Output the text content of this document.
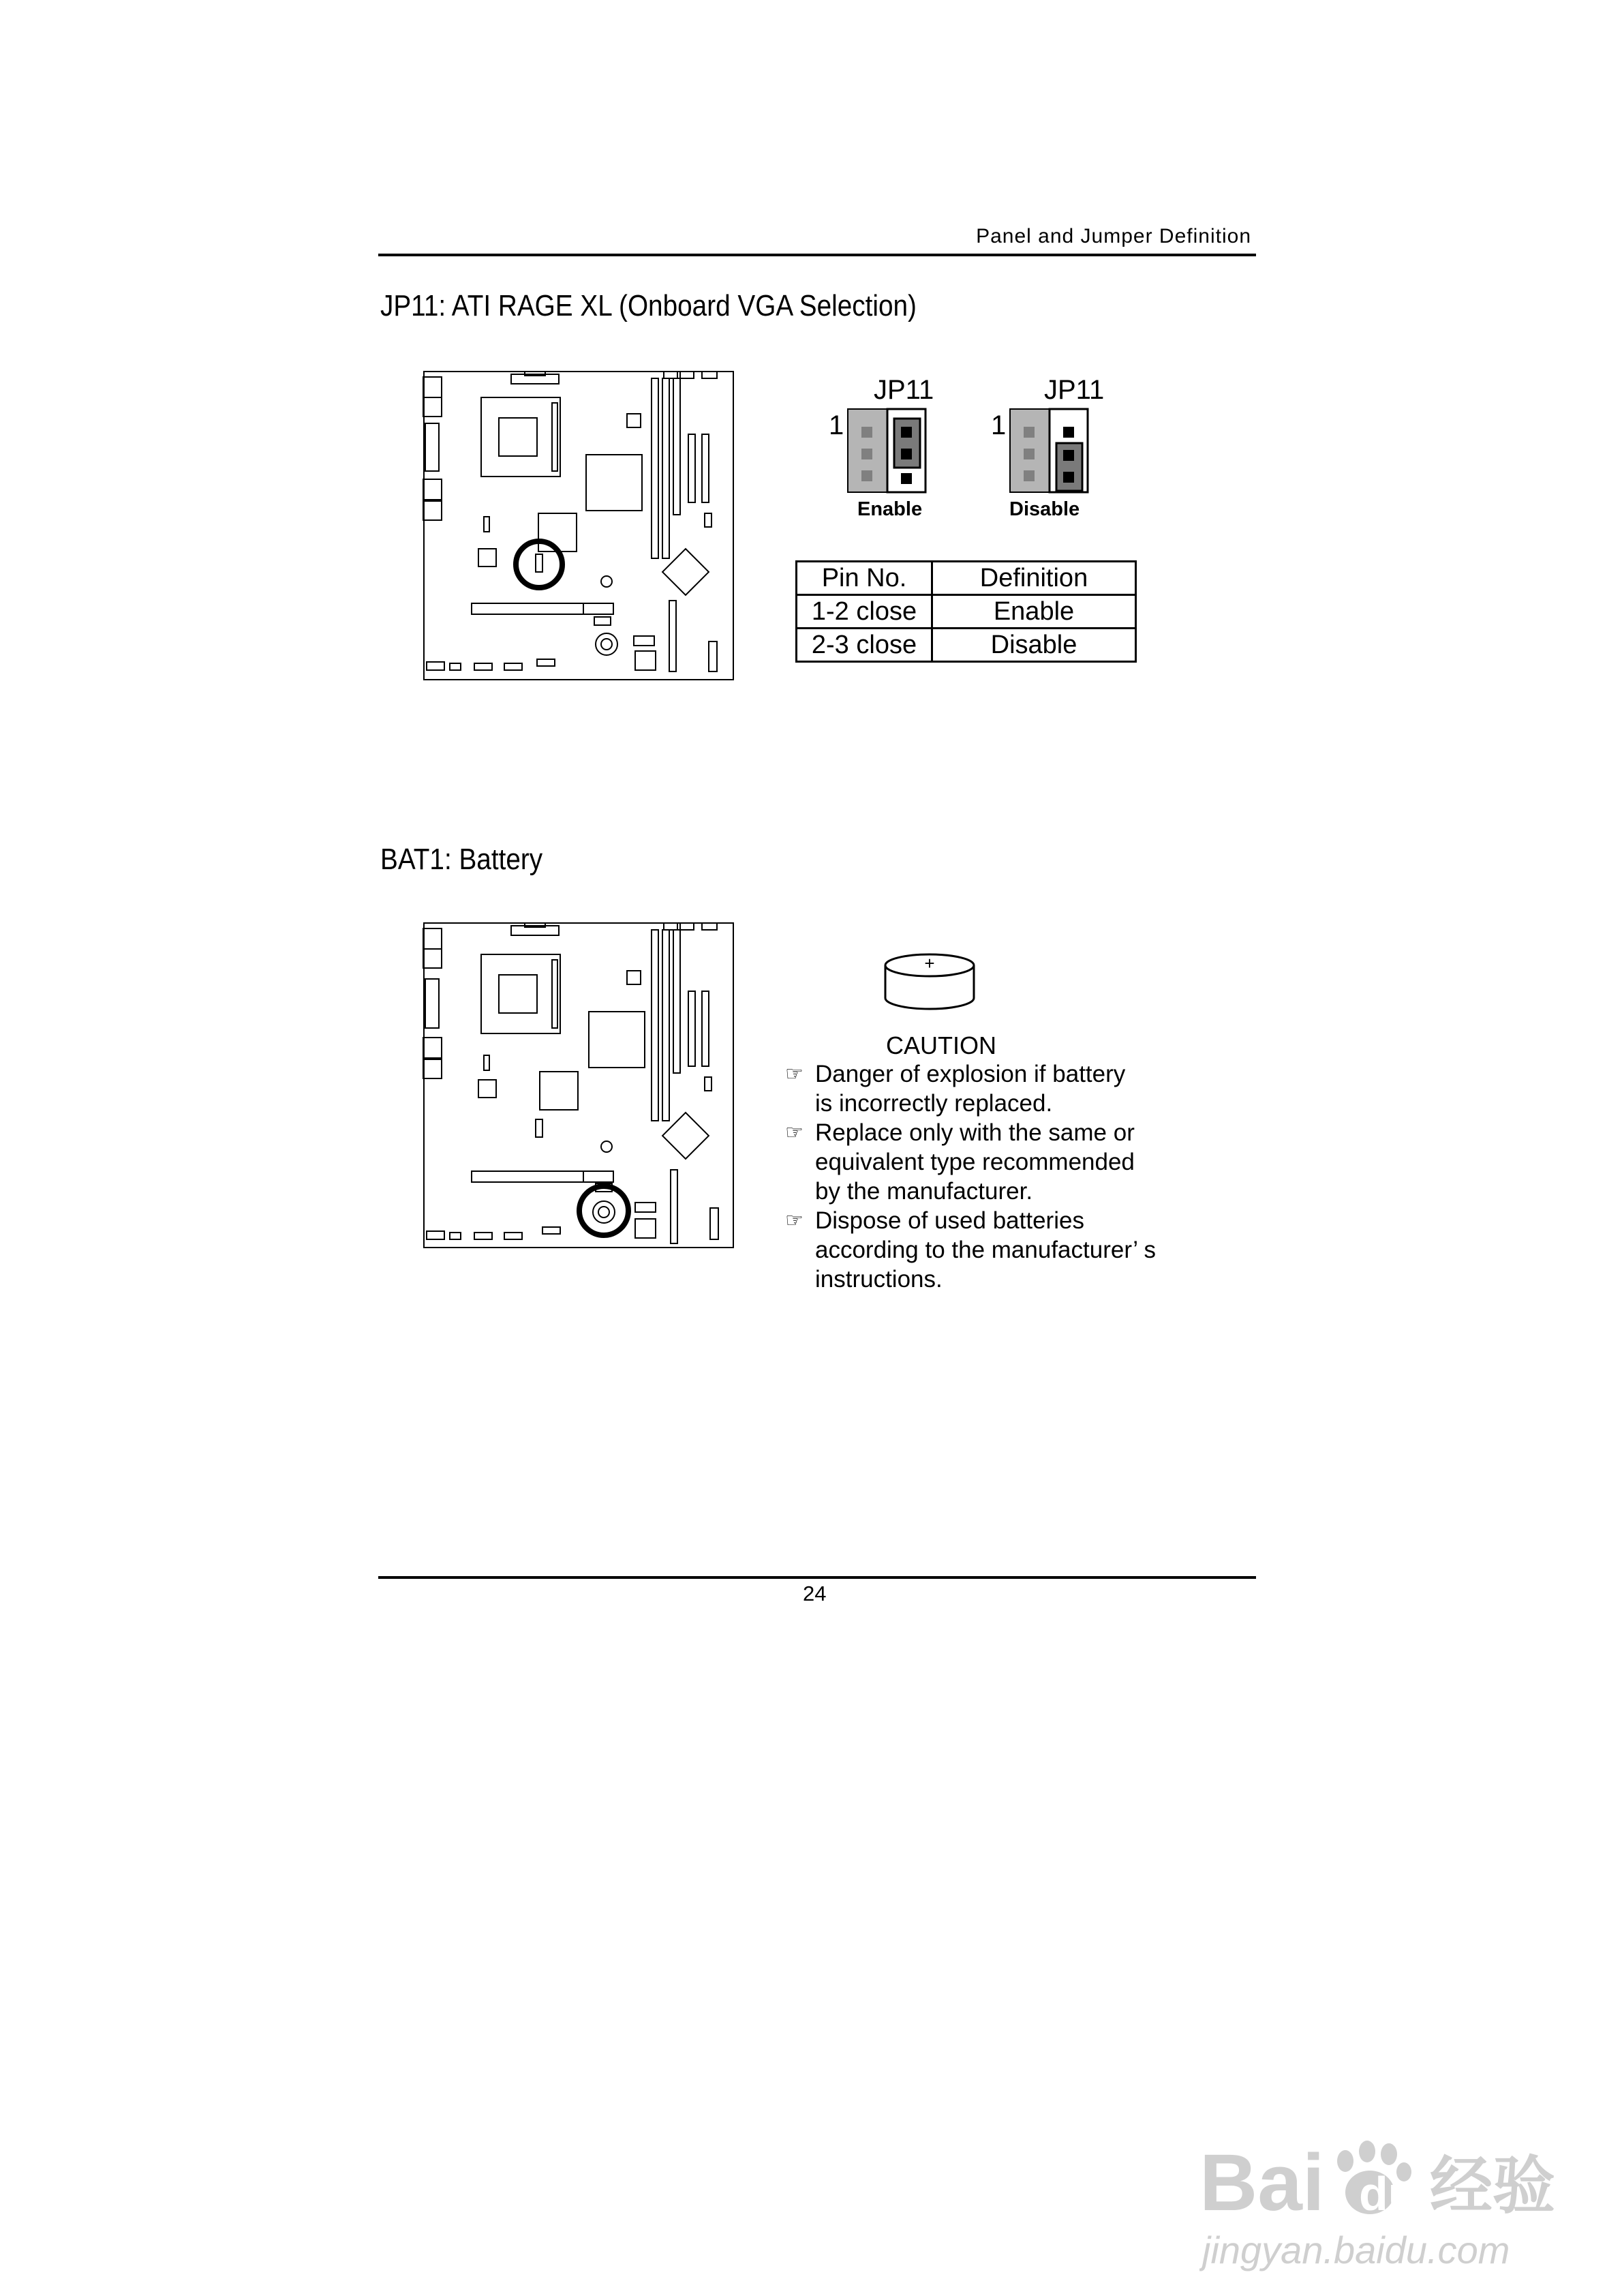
Panel and Jumper Definition
JP11: ATI RAGE XL (Onboard VGA Selection)
JP11
1
Enable
JP11
1
Disable
Pin No.	Definition
1-2 close	Enable
2-3 close	Disable
BAT1: Battery
+
CAUTION
☞ Danger of explosion if battery
is incorrectly replaced.
☞ Replace only with the same or
equivalent type recommended
by the manufacturer.
☞ Dispose of used batteries
according to the manufacturer’ s
instructions.
24
Bai du 经验
jingyan.baidu.com
